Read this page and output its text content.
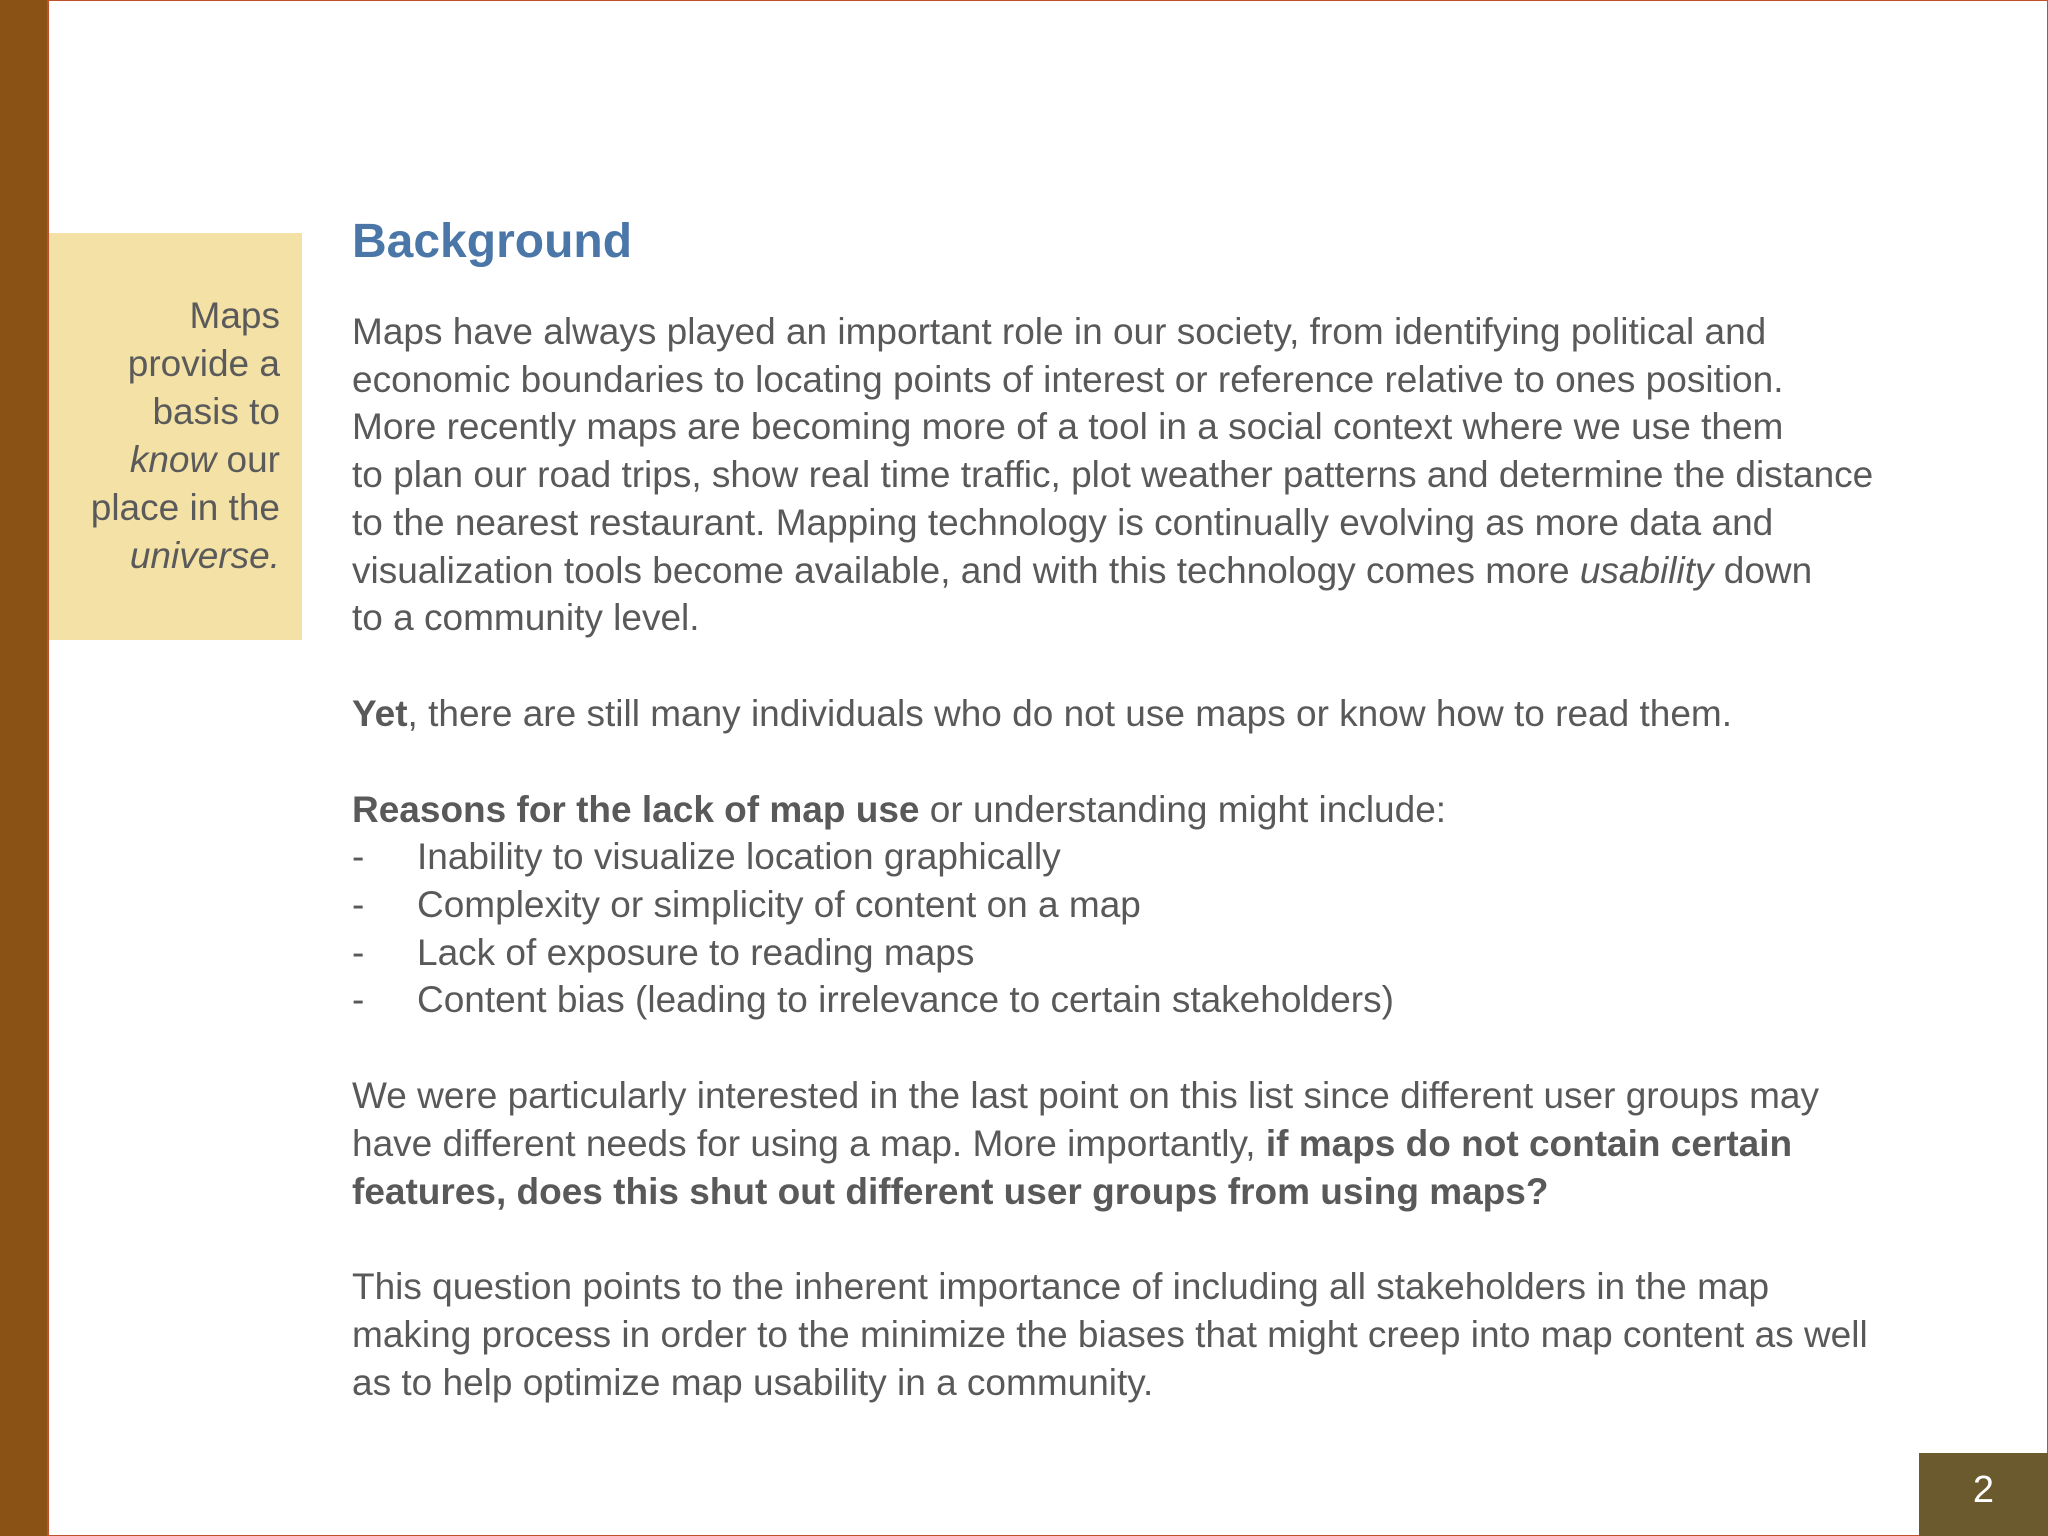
Maps
provide a
basis to
know our
place in the
universe.
Background
Maps have always played an important role in our society, from identifying political and
economic boundaries to locating points of interest or reference relative to ones position.
More recently maps are becoming more of a tool in a social context where we use them
to plan our road trips, show real time traffic, plot weather patterns and determine the distance
to the nearest restaurant. Mapping technology is continually evolving as more data and
visualization tools become available, and with this technology comes more usability down
to a community level.
Yet, there are still many individuals who do not use maps or know how to read them.
Reasons for the lack of map use or understanding might include:
-	Inability to visualize location graphically
-	Complexity or simplicity of content on a map
-	Lack of exposure to reading maps
-	Content bias (leading to irrelevance to certain stakeholders)
We were particularly interested in the last point on this list since different user groups may
have different needs for using a map. More importantly, if maps do not contain certain
features, does this shut out different user groups from using maps?
This question points to the inherent importance of including all stakeholders in the map
making process in order to the minimize the biases that might creep into map content as well
as to help optimize map usability in a community.
2
